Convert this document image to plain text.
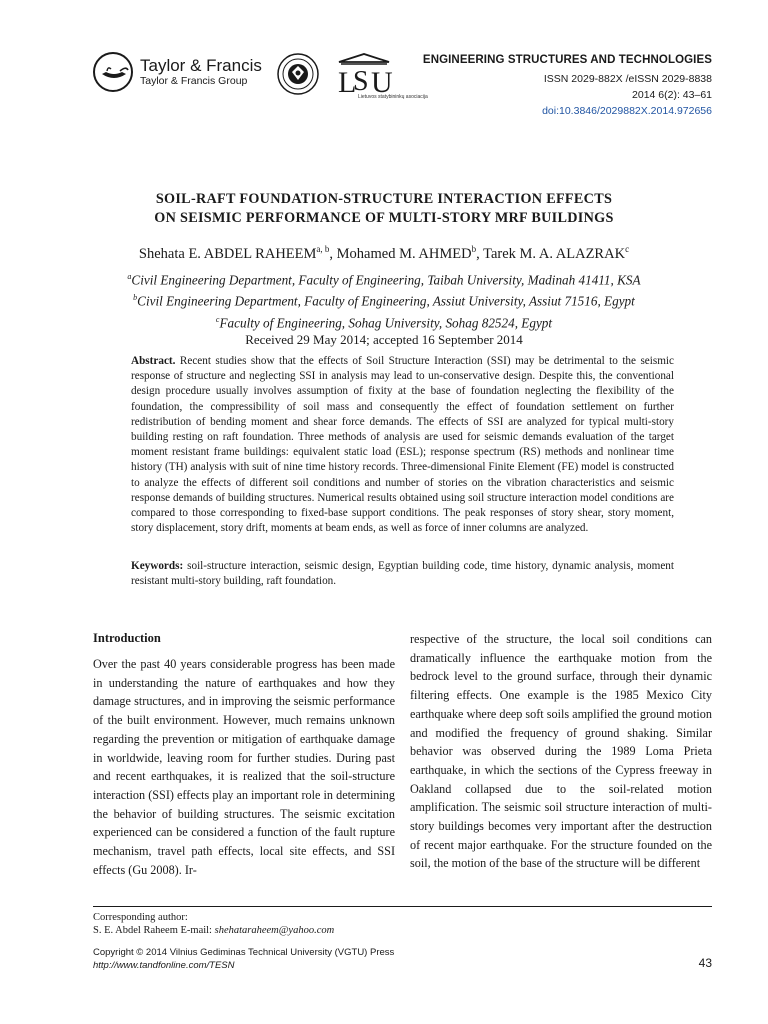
Taylor & Francis
Taylor & Francis Group	L
S U
Lietuvos statybininkų asociacija
ENGINEERING STRUCTURES AND TECHNOLOGIES
ISSN 2029-882X /eISSN 2029-8838
2014 6(2): 43–61
doi:10.3846/2029882X.2014.972656
SOIL-RAFT FOUNDATION-STRUCTURE INTERACTION EFFECTS
ON SEISMIC PERFORMANCE OF MULTI-STORY MRF BUILDINGS
Shehata E. ABDEL RAHEEM$^{a, b}$, Mohamed M. AHMED$^b$, Tarek M. A. ALAZRAK$^c$
$^a$Civil Engineering Department, Faculty of Engineering, Taibah University, Madinah 41411, KSA
$^b$Civil Engineering Department, Faculty of Engineering, Assiut University, Assiut 71516, Egypt
$^c$Faculty of Engineering, Sohag University, Sohag 82524, Egypt
Received 29 May 2014; accepted 16 September 2014
Abstract. Recent studies show that the effects of Soil Structure Interaction (SSI) may be detrimental to the seismic response of structure and neglecting SSI in analysis may lead to un-conservative design. Despite this, the conventional design procedure usually involves assumption of fixity at the base of foundation neglecting the flexibility of the foundation, the compressibility of soil mass and consequently the effect of foundation settlement on further redistribution of bending moment and shear force demands. The effects of SSI are analyzed for typical multi-story building resting on raft foundation. Three methods of analysis are used for seismic demands evaluation of the target moment resistant frame buildings: equivalent static load (ESL); response spectrum (RS) methods and nonlinear time history (TH) analysis with suit of nine time history records. Three-dimensional Finite Element (FE) model is constructed to analyze the effects of different soil conditions and number of stories on the vibration characteristics and seismic response demands of building structures. Numerical results obtained using soil structure interaction model conditions are compared to those corresponding to fixed-base support conditions. The peak responses of story shear, story moment, story displacement, story drift, moments at beam ends, as well as force of inner columns are analyzed.
Keywords: soil-structure interaction, seismic design, Egyptian building code, time history, dynamic analysis, moment resistant multi-story building, raft foundation.
Introduction
Over the past 40 years considerable progress has been made in understanding the nature of earthquakes and how they damage structures, and in improving the seismic performance of the built environment. However, much remains unknown regarding the prevention or mitigation of earthquake damage in worldwide, leaving room for further studies. During past and recent earthquakes, it is realized that the soil-structure interaction (SSI) effects play an important role in determining the behavior of building structures. The seismic excitation experienced can be considered a function of the fault rupture mechanism, travel path effects, local site effects, and SSI effects (Gu 2008). Ir-
respective of the structure, the local soil conditions can dramatically influence the earthquake motion from the bedrock level to the ground surface, through their dynamic filtering effects. One example is the 1985 Mexico City earthquake where deep soft soils amplified the ground motion and modified the frequency of ground shaking. Similar behavior was observed during the 1989 Loma Prieta earthquake, in which the sections of the Cypress freeway in Oakland collapsed due to the soil-related motion amplification. The seismic soil structure interaction of multi-story buildings becomes very important after the destruction of recent major earthquake. For the structure founded on the soil, the motion of the base of the structure will be different
Corresponding author:
S. E. Abdel Raheem E-mail: shehataraheem@yahoo.com
Copyright © 2014 Vilnius Gediminas Technical University (VGTU) Press
http://www.tandfonline.com/TESN	43
